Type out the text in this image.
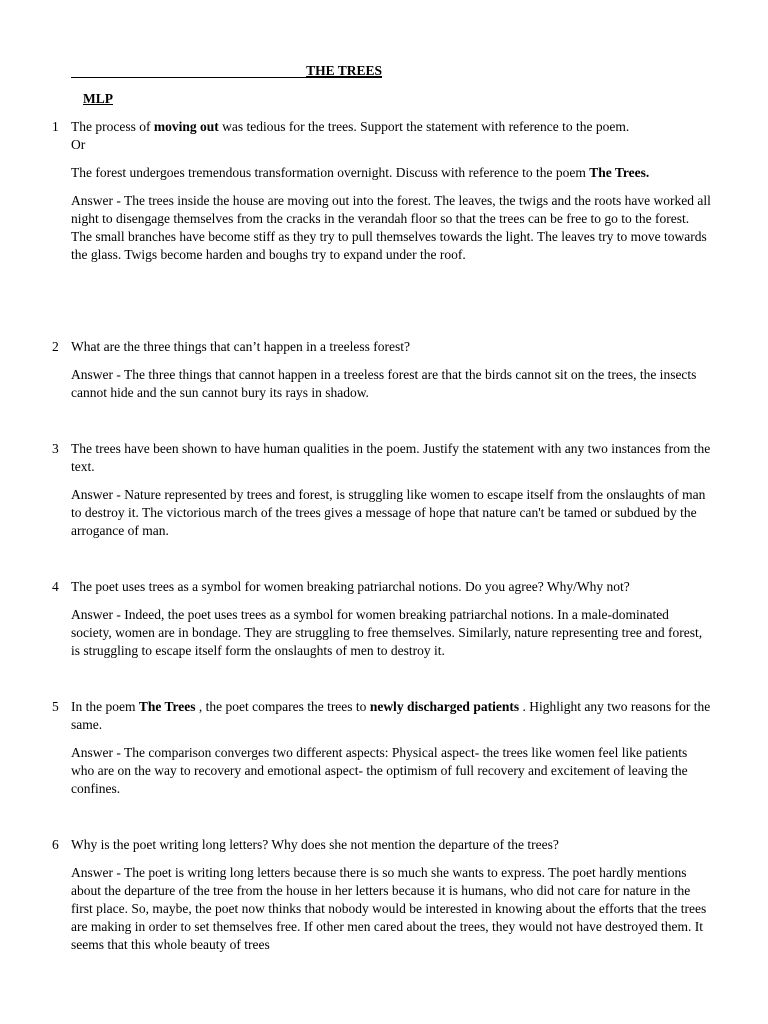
THE TREES
MLP
1 The process of moving out was tedious for the trees. Support the statement with reference to the poem.

Or

The forest undergoes tremendous transformation overnight. Discuss with reference to the poem The Trees.

Answer - The trees inside the house are moving out into the forest. The leaves, the twigs and the roots have worked all night to disengage themselves from the cracks in the verandah floor so that the trees can be free to go to the forest. The small branches have become stiff as they try to pull themselves towards the light. The leaves try to move towards the glass. Twigs become harden and boughs try to expand under the roof.

2 What are the three things that can’t happen in a treeless forest?

Answer - The three things that cannot happen in a treeless forest are that the birds cannot sit on the trees, the insects cannot hide and the sun cannot bury its rays in shadow.

3 The trees have been shown to have human qualities in the poem. Justify the statement with any two instances from the text.

Answer - Nature represented by trees and forest, is struggling like women to escape itself from the onslaughts of man to destroy it. The victorious march of the trees gives a message of hope that nature can't be tamed or subdued by the arrogance of man.

4 The poet uses trees as a symbol for women breaking patriarchal notions. Do you agree? Why/Why not?

Answer - Indeed, the poet uses trees as a symbol for women breaking patriarchal notions. In a male-dominated society, women are in bondage. They are struggling to free themselves. Similarly, nature representing tree and forest, is struggling to escape itself form the onslaughts of men to destroy it.

5 In the poem The Trees , the poet compares the trees to newly discharged patients . Highlight any two reasons for the same.

Answer - The comparison converges two different aspects: Physical aspect- the trees like women feel like patients who are on the way to recovery and emotional aspect- the optimism of full recovery and excitement of leaving the confines.

6 Why is the poet writing long letters? Why does she not mention the departure of the trees?

Answer - The poet is writing long letters because there is so much she wants to express. The poet hardly mentions about the departure of the tree from the house in her letters because it is humans, who did not care for nature in the first place. So, maybe, the poet now thinks that nobody would be interested in knowing about the efforts that the trees are making in order to set themselves free. If other men cared about the trees, they would not have destroyed them. It seems that this whole beauty of trees
